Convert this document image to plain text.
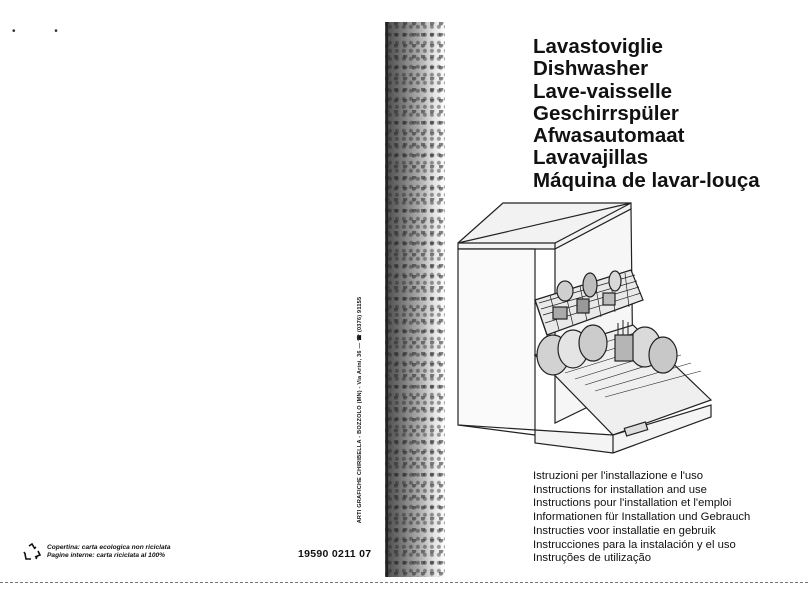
• •
Lavastoviglie
Dishwasher
Lave-vaisselle
Geschirrspüler
Afwasautomaat
Lavavajillas
Máquina de lavar-louça
Istruzioni per l'installazione e l'uso
Instructions for installation and use
Instructions pour l'installation et l'emploi
Informationen für Installation und Gebrauch
Instructies voor installatie en gebruik
Instrucciones para la instalación y el uso
Instruções de utilização
ARTI GRAFICHE CHIRIBELLA - BOZZOLO (MN) - Via Arini, 36 — ☎ (0376) 91155
19590 0211 07
Copertina: carta ecologica non riciclata
Pagine interne: carta riciclata al 100%
